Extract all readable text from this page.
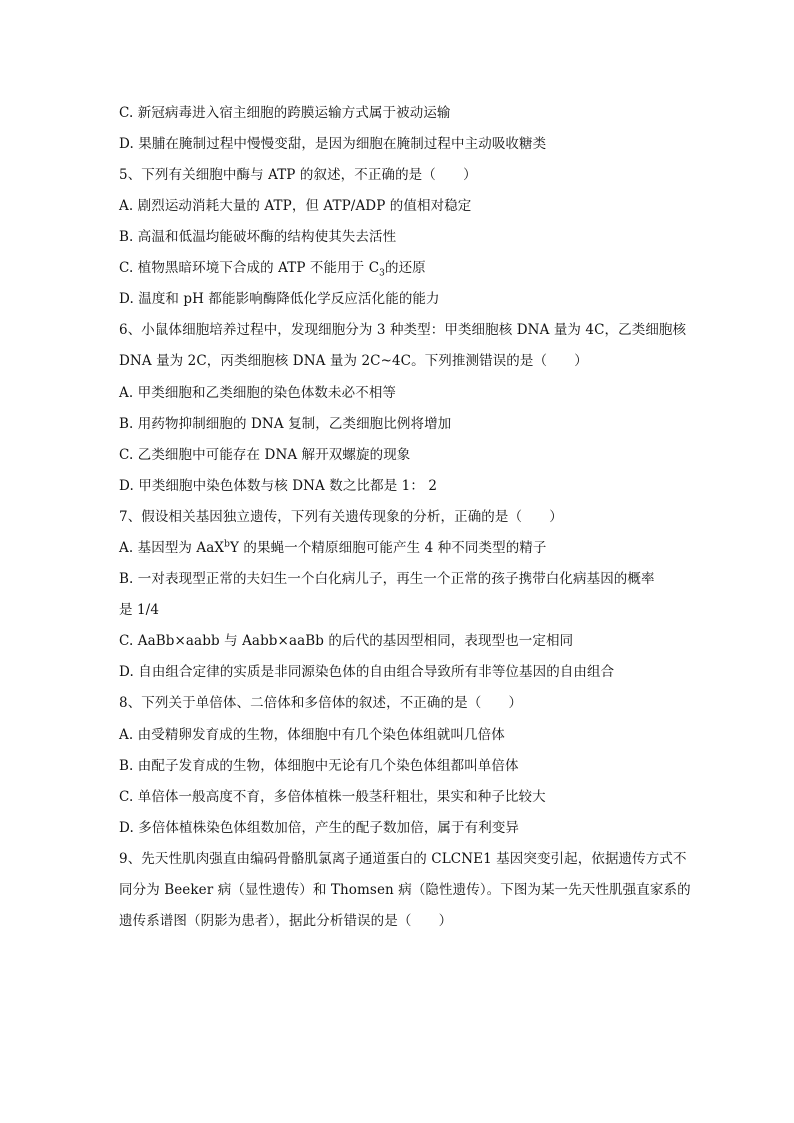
C. 新冠病毒进入宿主细胞的跨膜运输方式属于被动运输
D. 果脯在腌制过程中慢慢变甜，是因为细胞在腌制过程中主动吸收糖类
5、下列有关细胞中酶与 ATP 的叙述，不正确的是（　　）
A. 剧烈运动消耗大量的 ATP，但 ATP/ADP 的值相对稳定
B. 高温和低温均能破坏酶的结构使其失去活性
C. 植物黑暗环境下合成的 ATP 不能用于 $C_3$的还原
D. 温度和 pH 都能影响酶降低化学反应活化能的能力
6、小鼠体细胞培养过程中，发现细胞分为 3 种类型：甲类细胞核 DNA 量为 4C，乙类细胞核
DNA 量为 2C，丙类细胞核 DNA 量为 2C~4C。下列推测错误的是（　　）
A. 甲类细胞和乙类细胞的染色体数未必不相等
B. 用药物抑制细胞的 DNA 复制，乙类细胞比例将增加
C. 乙类细胞中可能存在 DNA 解开双螺旋的现象
D. 甲类细胞中染色体数与核 DNA 数之比都是 1： 2
7、假设相关基因独立遗传，下列有关遗传现象的分析，正确的是（　　）
A. 基因型为 AaX$^b$Y 的果蝇一个精原细胞可能产生 4 种不同类型的精子
B. 一对表现型正常的夫妇生一个白化病儿子，再生一个正常的孩子携带白化病基因的概率
是 1/4
C. AaBb×aabb 与 Aabb×aaBb 的后代的基因型相同，表现型也一定相同
D. 自由组合定律的实质是非同源染色体的自由组合导致所有非等位基因的自由组合
8、下列关于单倍体、二倍体和多倍体的叙述，不正确的是（　　）
A. 由受精卵发育成的生物，体细胞中有几个染色体组就叫几倍体
B. 由配子发育成的生物，体细胞中无论有几个染色体组都叫单倍体
C. 单倍体一般高度不育，多倍体植株一般茎秆粗壮，果实和种子比较大
D. 多倍体植株染色体组数加倍，产生的配子数加倍，属于有利变异
9、先天性肌肉强直由编码骨骼肌氯离子通道蛋白的 CLCNE1 基因突变引起，依据遗传方式不
同分为 Beeker 病（显性遗传）和 Thomsen 病（隐性遗传）。下图为某一先天性肌强直家系的
遗传系谱图（阴影为患者），据此分析错误的是（　　）
